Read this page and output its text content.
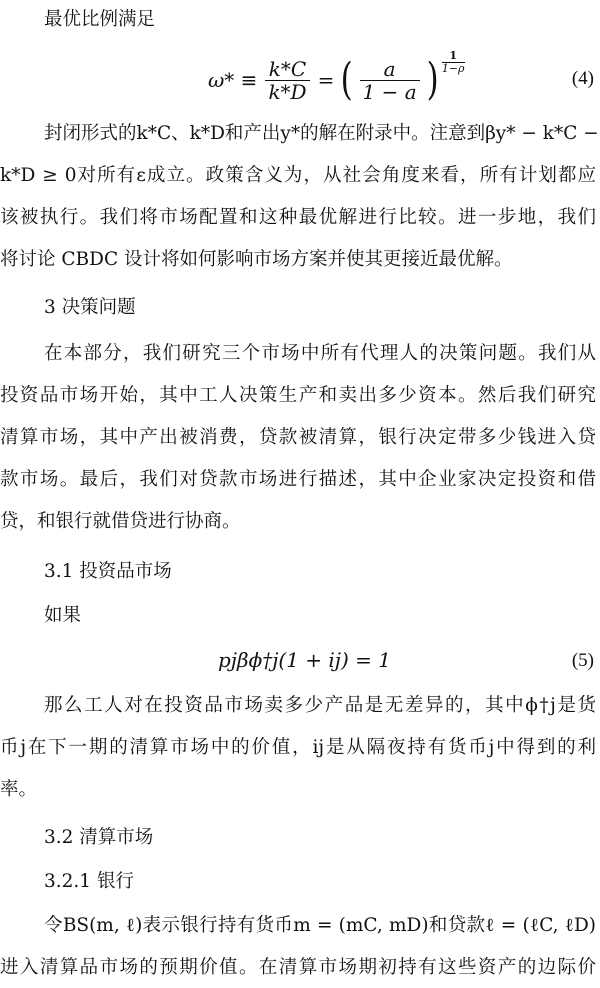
最优比例满足
$\omega* \equiv \frac{k*C}{k*D}$ = ( $\frac{a}{1 - a}$ ) $\frac{1}{1-\rho}$
(4)
封闭形式的k*C、k*D和产出y*的解在附录中。注意到βy* − k*C −
k*D ≥ 0对所有ε成立。政策含义为，从社会角度来看，所有计划都应
该被执行。我们将市场配置和这种最优解进行比较。进一步地，我们
将讨论 CBDC 设计将如何影响市场方案并使其更接近最优解。
3 决策问题
在本部分，我们研究三个市场中所有代理人的决策问题。我们从
投资品市场开始，其中工人决策生产和卖出多少资本。然后我们研究
清算市场，其中产出被消费，贷款被清算，银行决定带多少钱进入贷
款市场。最后，我们对贷款市场进行描述，其中企业家决定投资和借
贷，和银行就借贷进行协商。
3.1 投资品市场
如果
pjβϕ†j(1 + ij) = 1	(5)
那么工人对在投资品市场卖多少产品是无差异的，其中ϕ†j是货
币j在下一期的清算市场中的价值，ij是从隔夜持有货币j中得到的利
率。
3.2 清算市场
3.2.1 银行
令BS(m, ℓ)表示银行持有货币m = (mC, mD)和贷款ℓ = (ℓC, ℓD)
进入清算品市场的预期价值。在清算市场期初持有这些资产的边际价
